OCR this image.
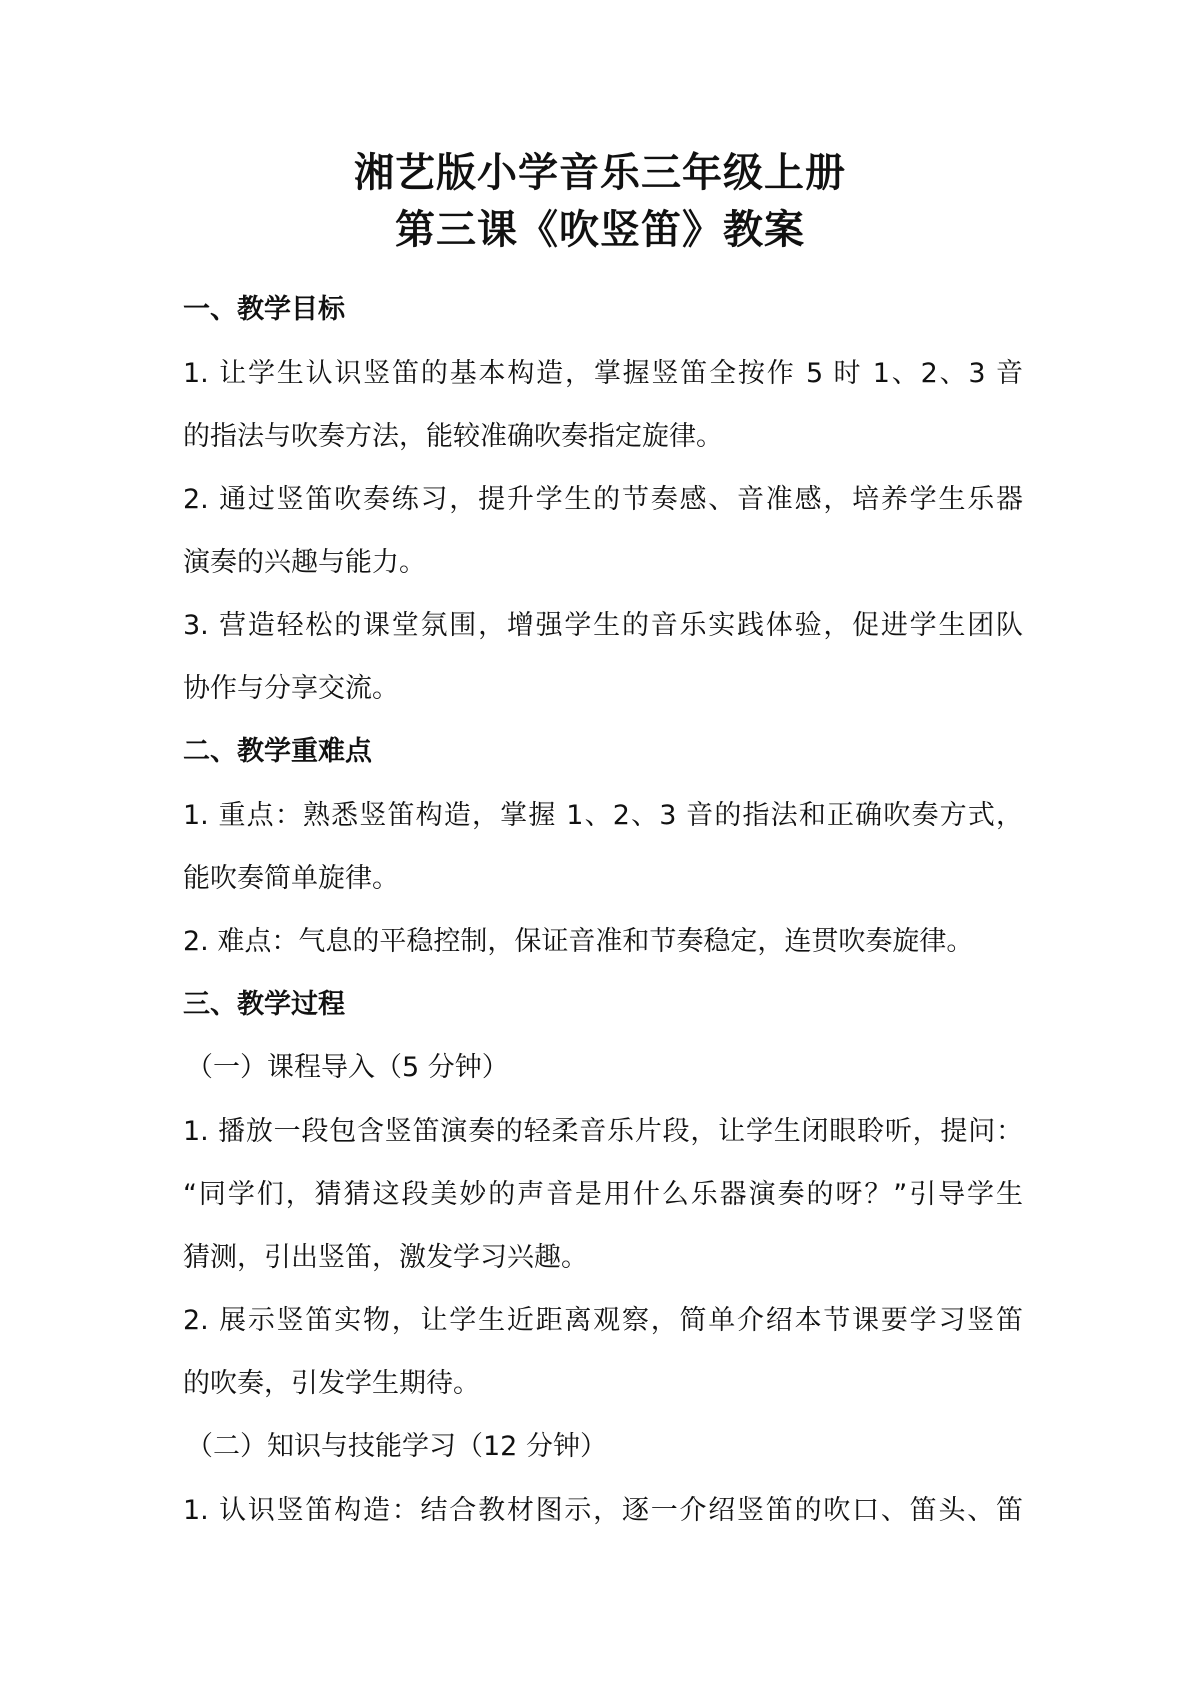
湘艺版小学音乐三年级上册
第三课《吹竖笛》教案
一、教学目标
1. 让学生认识竖笛的基本构造，掌握竖笛全按作 5 时 1、2、3 音
的指法与吹奏方法，能较准确吹奏指定旋律。
2. 通过竖笛吹奏练习，提升学生的节奏感、音准感，培养学生乐器
演奏的兴趣与能力。
3. 营造轻松的课堂氛围，增强学生的音乐实践体验，促进学生团队
协作与分享交流。
二、教学重难点
1. 重点：熟悉竖笛构造，掌握 1、2、3 音的指法和正确吹奏方式，
能吹奏简单旋律。
2. 难点：气息的平稳控制，保证音准和节奏稳定，连贯吹奏旋律。
三、教学过程
（一）课程导入（5 分钟）
1. 播放一段包含竖笛演奏的轻柔音乐片段，让学生闭眼聆听，提问：
“同学们，猜猜这段美妙的声音是用什么乐器演奏的呀？”引导学生
猜测，引出竖笛，激发学习兴趣。
2. 展示竖笛实物，让学生近距离观察，简单介绍本节课要学习竖笛
的吹奏，引发学生期待。
（二）知识与技能学习（12 分钟）
1. 认识竖笛构造：结合教材图示，逐一介绍竖笛的吹口、笛头、笛
